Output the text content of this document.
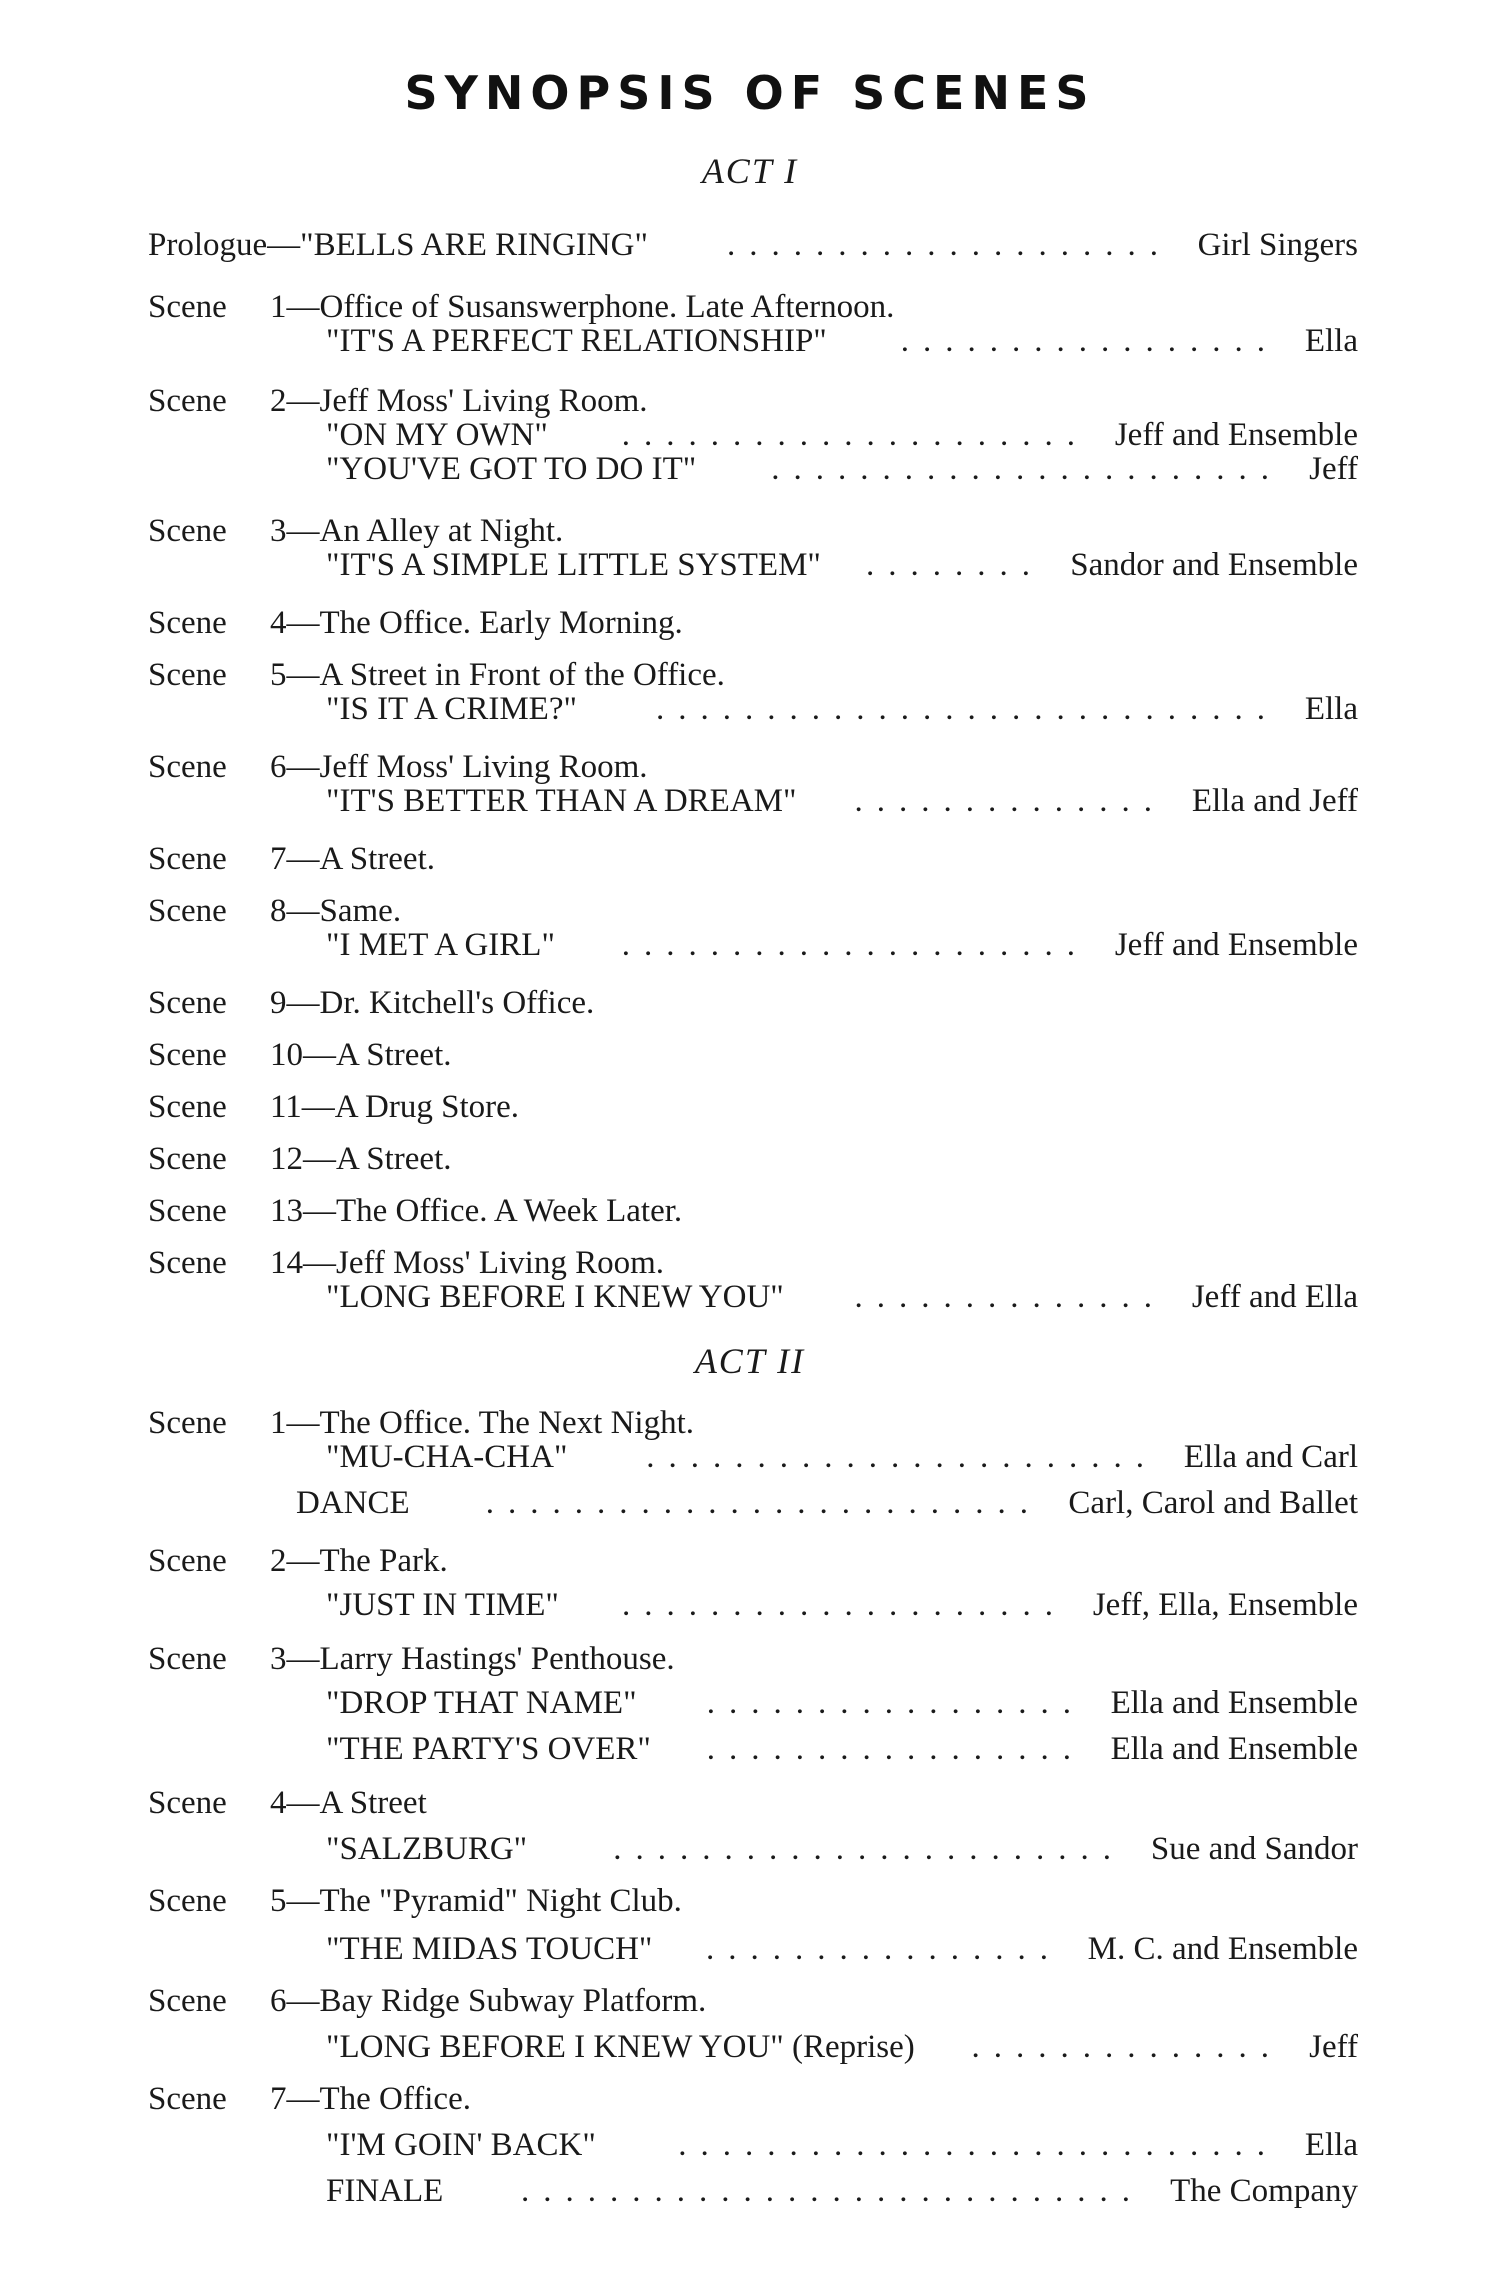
SYNOPSIS OF SCENES
ACT I
Prologue—"BELLS ARE RINGING"	Girl Singers
....................
Scene 1—Office of Susanswerphone. Late Afternoon.
"IT'S A PERFECT RELATIONSHIP"	Ella
.................
Scene 2—Jeff Moss' Living Room.
"ON MY OWN"	Jeff and Ensemble
.....................
"YOU'VE GOT TO DO IT"	Jeff
.......................
Scene 3—An Alley at Night.
"IT'S A SIMPLE LITTLE SYSTEM"	Sandor and Ensemble
........
Scene 4—The Office. Early Morning.
Scene 5—A Street in Front of the Office.
"IS IT A CRIME?"	Ella
............................
Scene 6—Jeff Moss' Living Room.
"IT'S BETTER THAN A DREAM"	Ella and Jeff
..............
Scene 7—A Street.
Scene 8—Same.
"I MET A GIRL"	Jeff and Ensemble
.....................
Scene 9—Dr. Kitchell's Office.
Scene 10—A Street.
Scene 11—A Drug Store.
Scene 12—A Street.
Scene 13—The Office. A Week Later.
Scene 14—Jeff Moss' Living Room.
"LONG BEFORE I KNEW YOU"	Jeff and Ella
..............
ACT II
Scene 1—The Office. The Next Night.
"MU-CHA-CHA"	Ella and Carl
.......................
DANCE	Carl, Carol and Ballet
.........................
Scene 2—The Park.
"JUST IN TIME"	Jeff, Ella, Ensemble
....................
Scene 3—Larry Hastings' Penthouse.
"DROP THAT NAME"	Ella and Ensemble
.................
"THE PARTY'S OVER"	Ella and Ensemble
.................
Scene 4—A Street
"SALZBURG"	Sue and Sandor
.......................
Scene 5—The "Pyramid" Night Club.
"THE MIDAS TOUCH"	M. C. and Ensemble
................
Scene 6—Bay Ridge Subway Platform.
"LONG BEFORE I KNEW YOU" (Reprise)	Jeff
..............
Scene 7—The Office.
"I'M GOIN' BACK"	Ella
...........................
FINALE	The Company
............................
